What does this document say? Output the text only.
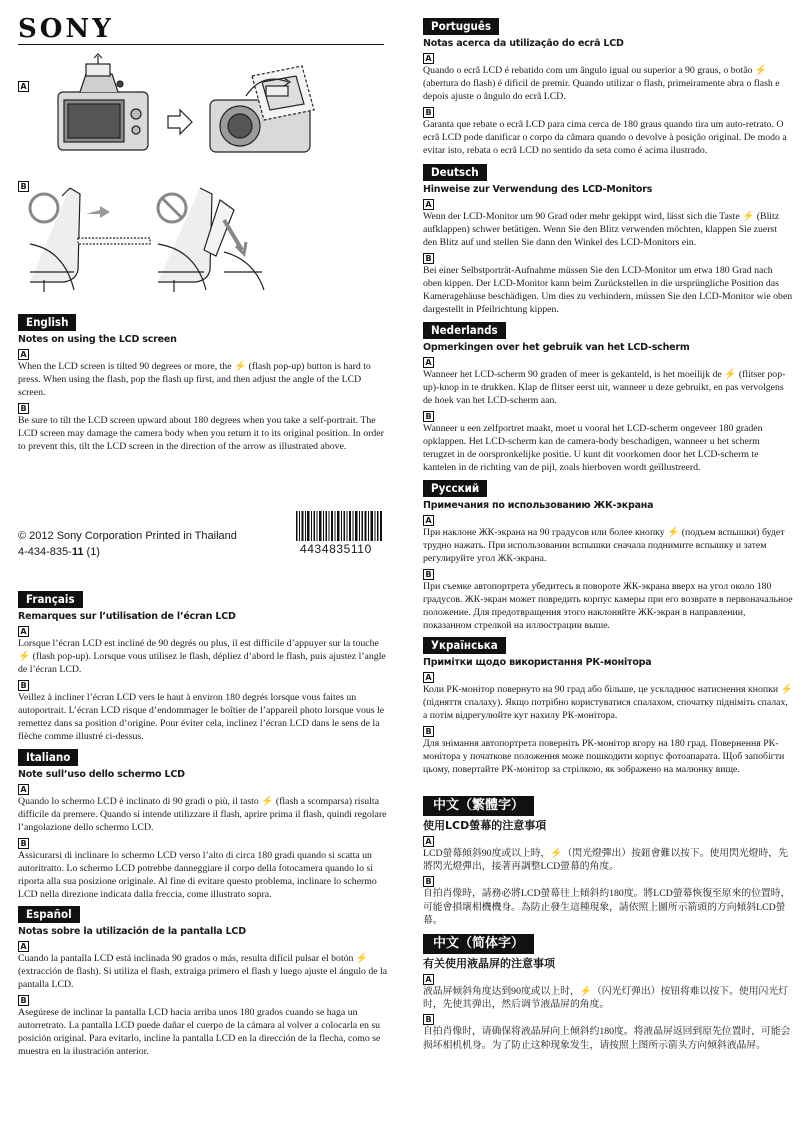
SONY
A
B
English
Notes on using the LCD screen
A

When the LCD screen is tilted 90 degrees or more, the ⚡ (flash pop-up) button is hard to press. When using the flash, pop the flash up first, and then adjust the angle of the LCD screen.

B

Be sure to tilt the LCD screen upward about 180 degrees when you take a self-portrait. The LCD screen may damage the camera body when you return it to its original position. In order to prevent this, tilt the LCD screen in the direction of the arrow as illustrated above.

© 2012 Sony Corporation Printed in Thailand
4-434-835-11 (1)	4434835110
Français
Remarques sur l’utilisation de l’écran LCD
A

Lorsque l’écran LCD est incliné de 90 degrés ou plus, il est difficile d’appuyer sur la touche ⚡ (flash pop-up). Lorsque vous utilisez le flash, dépliez d’abord le flash, puis ajustez l’angle de l’écran LCD.

B

Veillez à incliner l’écran LCD vers le haut à environ 180 degrés lorsque vous faites un autoportrait. L’écran LCD risque d’endommager le boîtier de l’appareil photo lorsque vous le remettez dans sa position d’origine. Pour éviter cela, inclinez l’écran LCD dans le sens de la flèche comme illustré ci-dessus.

Italiano
Note sull’uso dello schermo LCD
A

Quando lo schermo LCD è inclinato di 90 gradi o più, il tasto ⚡ (flash a scomparsa) risulta difficile da premere. Quando si intende utilizzare il flash, aprire prima il flash, quindi regolare l’angolazione dello schermo LCD.

B

Assicurarsi di inclinare lo schermo LCD verso l’alto di circa 180 gradi quando si scatta un autoritratto. Lo schermo LCD potrebbe danneggiare il corpo della fotocamera quando lo si riporta alla sua posizione originale. Al fine di evitare questo problema, inclinare lo schermo LCD nella direzione indicata dalla freccia, come illustrato sopra.

Español
Notas sobre la utilización de la pantalla LCD
A

Cuando la pantalla LCD está inclinada 90 grados o más, resulta difícil pulsar el botón ⚡ (extracción de flash). Si utiliza el flash, extraiga primero el flash y luego ajuste el ángulo de la pantalla LCD.

B

Asegúrese de inclinar la pantalla LCD hacia arriba unos 180 grados cuando se haga un autorretrato. La pantalla LCD puede dañar el cuerpo de la cámara al volver a colocarla en su posición original. Para evitarlo, incline la pantalla LCD en la dirección de la flecha, como se muestra en la ilustración anterior.

Português
Notas acerca da utilização do ecrã LCD
A

Quando o ecrã LCD é rebatido com um ângulo igual ou superior a 90 graus, o botão ⚡ (abertura do flash) é difícil de premir. Quando utilizar o flash, primeiramente abra o flash e depois ajuste o ângulo do ecrã LCD.

B

Garanta que rebate o ecrã LCD para cima cerca de 180 graus quando tira um auto-retrato. O ecrã LCD pode danificar o corpo da câmara quando o devolve à posição original. De modo a evitar isto, rebata o ecrã LCD no sentido da seta como é acima ilustrado.

Deutsch
Hinweise zur Verwendung des LCD-Monitors
A

Wenn der LCD-Monitor um 90 Grad oder mehr gekippt wird, lässt sich die Taste ⚡ (Blitz aufklappen) schwer betätigen. Wenn Sie den Blitz verwenden möchten, klappen Sie zuerst den Blitz auf und stellen Sie dann den Winkel des LCD-Monitors ein.

B

Bei einer Selbstporträt-Aufnahme müssen Sie den LCD-Monitor um etwa 180 Grad nach oben kippen. Der LCD-Monitor kann beim Zurückstellen in die ursprüngliche Position das Kameragehäuse beschädigen. Um dies zu verhindern, müssen Sie den LCD-Monitor wie oben dargestellt in Pfeilrichtung kippen.

Nederlands
Opmerkingen over het gebruik van het LCD-scherm
A

Wanneer het LCD-scherm 90 graden of meer is gekanteld, is het moeilijk de ⚡ (flitser pop-up)-knop in te drukken. Klap de flitser eerst uit, wanneer u deze gebruikt, en pas vervolgens de hoek van het LCD-scherm aan.

B

Wanneer u een zelfportret maakt, moet u vooral het LCD-scherm ongeveer 180 graden opklappen. Het LCD-scherm kan de camera-body beschadigen, wanneer u het scherm terugzet in de oorspronkelijke positie. U kunt dit voorkomen door het LCD-scherm te kantelen in de richting van de pijl, zoals hierboven wordt geïllustreerd.

Русский
Примечания по использованию ЖК-экрана
A

При наклоне ЖК-экрана на 90 градусов или более кнопку ⚡ (подъем вспышки) будет трудно нажать. При использовании вспышки сначала поднимите вспышку и затем регулируйте угол ЖК-экрана.

B

При съемке автопортрета убедитесь в повороте ЖК-экрана вверх на угол около 180 градусов. ЖК-экран может повредить корпус камеры при его возврате в первоначальное положение. Для предотвращения этого наклоняйте ЖК-экран в направлении, показанном стрелкой на иллюстрации выше.

Українська
Примітки щодо використання РК-монітора
A

Коли РК-монітор повернуто на 90 град або більше, це ускладнює натиснення кнопки ⚡ (підняття спалаху). Якщо потрібно користуватися спалахом, спочатку підніміть спалах, а потім відрегулюйте кут нахилу РК-монітора.

B

Для знімання автопортрета поверніть РК-монітор вгору на 180 град. Повернення РК-монітора у початкове положення може пошкодити корпус фотоапарата. Щоб запобігти цьому, повертайте РК-монітор за стрілкою, як зображено на малюнку вище.

中文（繁體字）
使用LCD螢幕的注意事項
A

LCD螢幕傾斜90度或以上時，⚡（閃光燈彈出）按鈕會難以按下。使用閃光燈時，先將閃光燈彈出，接著再調整LCD螢幕的角度。

B

自拍肖像時，請務必將LCD螢幕往上傾斜約180度。將LCD螢幕恢復至原來的位置時，可能會損壞相機機身。為防止發生這種現象，請依照上圖所示箭頭的方向傾斜LCD螢幕。

中文（简体字）
有关使用液晶屏的注意事项
A

液晶屏倾斜角度达到90度或以上时，⚡（闪光灯弹出）按钮将难以按下。使用闪光灯时，先使其弹出，然后调节液晶屏的角度。

B

自拍肖像时，请确保将液晶屏向上倾斜约180度。将液晶屏返回到原先位置时，可能会损坏相机机身。为了防止这种现象发生，请按照上图所示箭头方向倾斜液晶屏。
